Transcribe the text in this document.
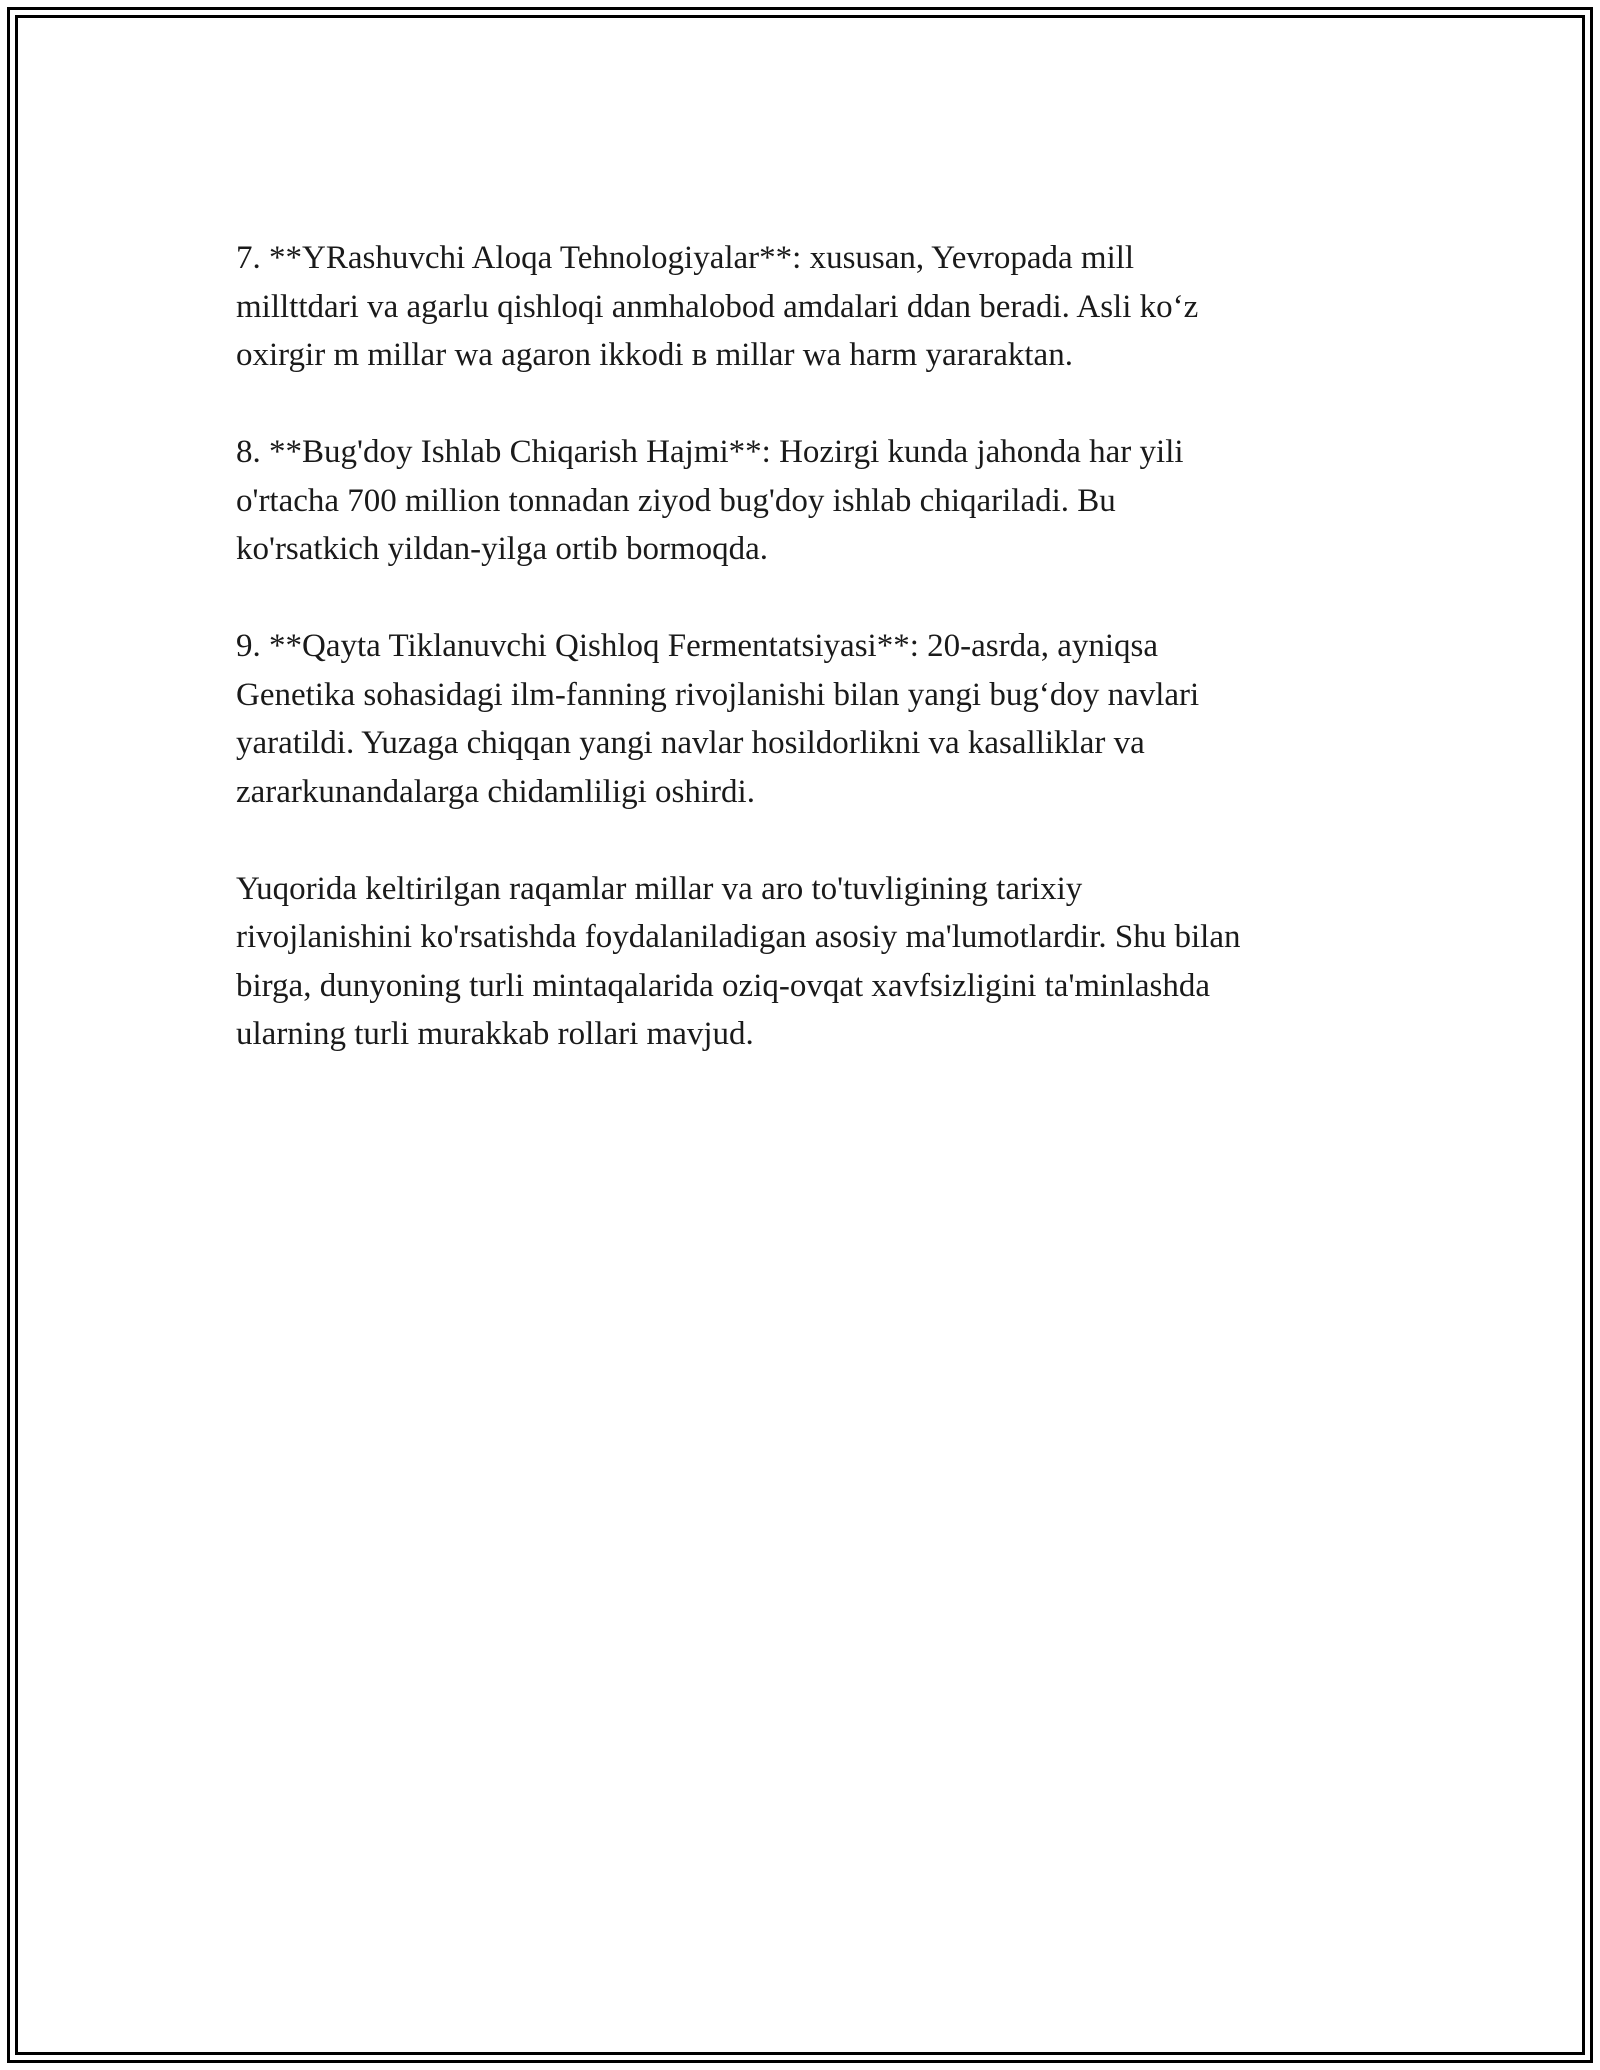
7. **YRashuvchi Aloqa Tehnologiyalar**: xususan, Yevropada mill
millttdari va agarlu qishloqi anmhalobod amdalari ddan beradi. Asli ko‘z
oxirgir m millar wa agaron ikkodi в millar wa harm yararaktan.

8. **Bug'doy Ishlab Chiqarish Hajmi**: Hozirgi kunda jahonda har yili
o'rtacha 700 million tonnadan ziyod bug'doy ishlab chiqariladi. Bu
ko'rsatkich yildan-yilga ortib bormoqda.

9. **Qayta Tiklanuvchi Qishloq Fermentatsiyasi**: 20-asrda, ayniqsa
Genetika sohasidagi ilm-fanning rivojlanishi bilan yangi bug‘doy navlari
yaratildi. Yuzaga chiqqan yangi navlar hosildorlikni va kasalliklar va
zararkunandalarga chidamliligi oshirdi.

Yuqorida keltirilgan raqamlar millar va aro to'tuvligining tarixiy
rivojlanishini ko'rsatishda foydalaniladigan asosiy ma'lumotlardir. Shu bilan
birga, dunyoning turli mintaqalarida oziq-ovqat xavfsizligini ta'minlashda
ularning turli murakkab rollari mavjud.
